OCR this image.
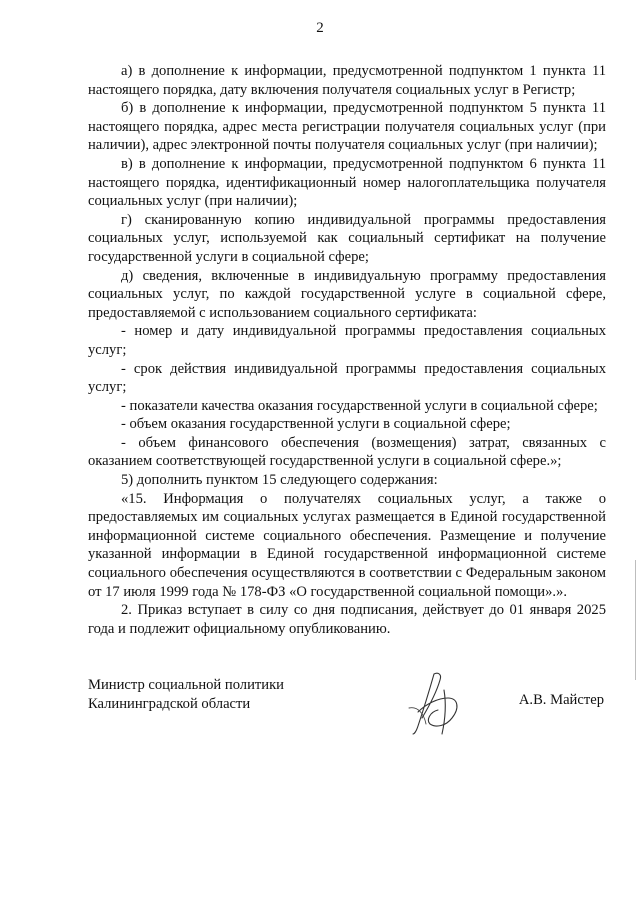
2

а) в дополнение к информации, предусмотренной подпунктом 1 пункта 11 настоящего порядка, дату включения получателя социальных услуг в Регистр;

б) в дополнение к информации, предусмотренной подпунктом 5 пункта 11 настоящего порядка, адрес места регистрации получателя социальных услуг (при наличии), адрес электронной почты получателя социальных услуг (при наличии);

в) в дополнение к информации, предусмотренной подпунктом 6 пункта 11 настоящего порядка, идентификационный номер налогоплательщика получателя социальных услуг (при наличии);

г) сканированную копию индивидуальной программы предоставления социальных услуг, используемой как социальный сертификат на получение государственной услуги в социальной сфере;

д) сведения, включенные в индивидуальную программу предоставления социальных услуг, по каждой государственной услуге в социальной сфере, предоставляемой с использованием социального сертификата:

- номер и дату индивидуальной программы предоставления социальных услуг;

- срок действия индивидуальной программы предоставления социальных услуг;

- показатели качества оказания государственной услуги в социальной сфере;

- объем оказания государственной услуги в социальной сфере;

- объем финансового обеспечения (возмещения) затрат, связанных с оказанием соответствующей государственной услуги в социальной сфере.»;

5) дополнить пунктом 15 следующего содержания:

«15. Информация о получателях социальных услуг, а также о предоставляемых им социальных услугах размещается в Единой государственной информационной системе социального обеспечения. Размещение и получение указанной информации в Единой государственной информационной системе социального обеспечения осуществляются в соответствии с Федеральным законом от 17 июля 1999 года № 178-ФЗ «О государственной социальной помощи».».

2. Приказ вступает в силу со дня подписания, действует до 01 января 2025 года и подлежит официальному опубликованию.

Министр социальной политики
Калининградской области	А.В. Майстер
